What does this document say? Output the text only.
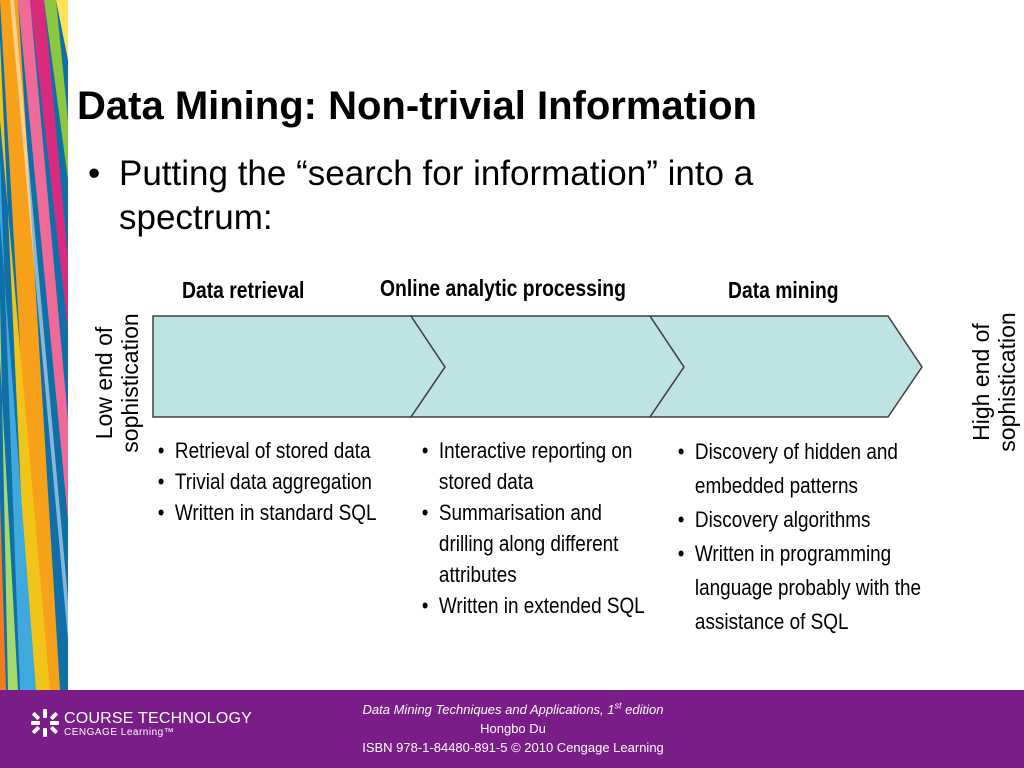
Data Mining: Non-trivial Information
• Putting the “search for information” into a spectrum:
Data retrieval	Online analytic processing	Data mining
Low end of sophistication	High end of sophistication
• Retrieval of stored data
• Trivial data aggregation
• Written in standard SQL
• Interactive reporting on stored data
• Summarisation and drilling along different attributes
• Written in extended SQL
• Discovery of hidden and embedded patterns
• Discovery algorithms
• Written in programming language probably with the assistance of SQL
COURSE TECHNOLOGY
CENGAGE Learning™
Data Mining Techniques and Applications, 1st edition
Hongbo Du
ISBN 978-1-84480-891-5 © 2010 Cengage Learning
